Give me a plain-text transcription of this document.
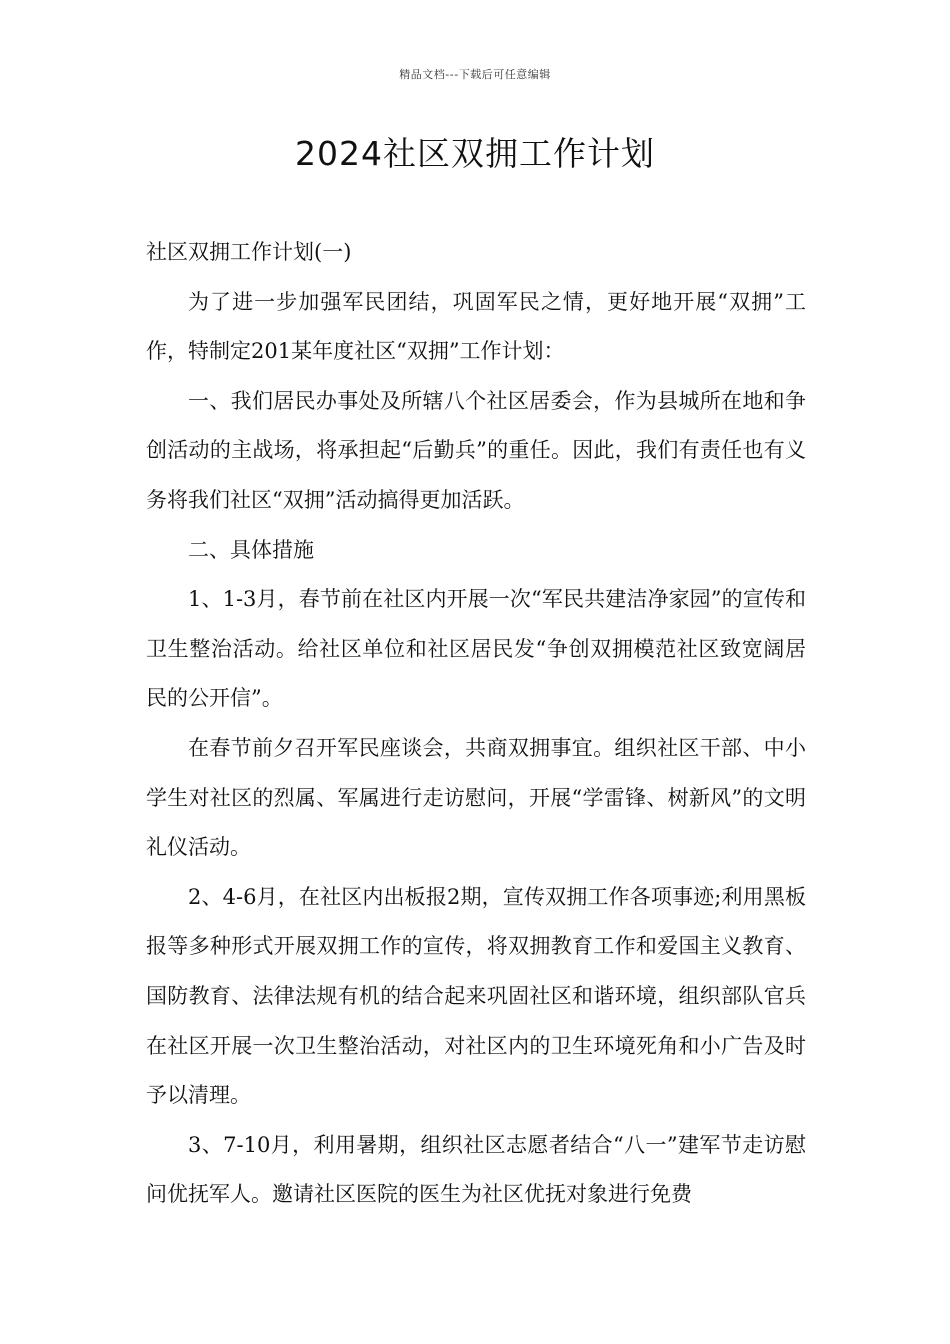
精品文档---下载后可任意编辑
2024社区双拥工作计划

社区双拥工作计划(一)

为了进一步加强军民团结，巩固军民之情，更好地开展“双拥”工作，特制定201某年度社区“双拥”工作计划：

一、我们居民办事处及所辖八个社区居委会，作为县城所在地和争创活动的主战场，将承担起“后勤兵”的重任。因此，我们有责任也有义务将我们社区“双拥”活动搞得更加活跃。

二、具体措施

1、1-3月，春节前在社区内开展一次“军民共建洁净家园”的宣传和卫生整治活动。给社区单位和社区居民发“争创双拥模范社区致宽阔居民的公开信”。

在春节前夕召开军民座谈会，共商双拥事宜。组织社区干部、中小学生对社区的烈属、军属进行走访慰问，开展“学雷锋、树新风”的文明礼仪活动。

2、4-6月，在社区内出板报2期，宣传双拥工作各项事迹;利用黑板报等多种形式开展双拥工作的宣传，将双拥教育工作和爱国主义教育、国防教育、法律法规有机的结合起来巩固社区和谐环境，组织部队官兵在社区开展一次卫生整治活动，对社区内的卫生环境死角和小广告及时予以清理。

3、7-10月，利用暑期，组织社区志愿者结合“八一”建军节走访慰问优抚军人。邀请社区医院的医生为社区优抚对象进行免费
